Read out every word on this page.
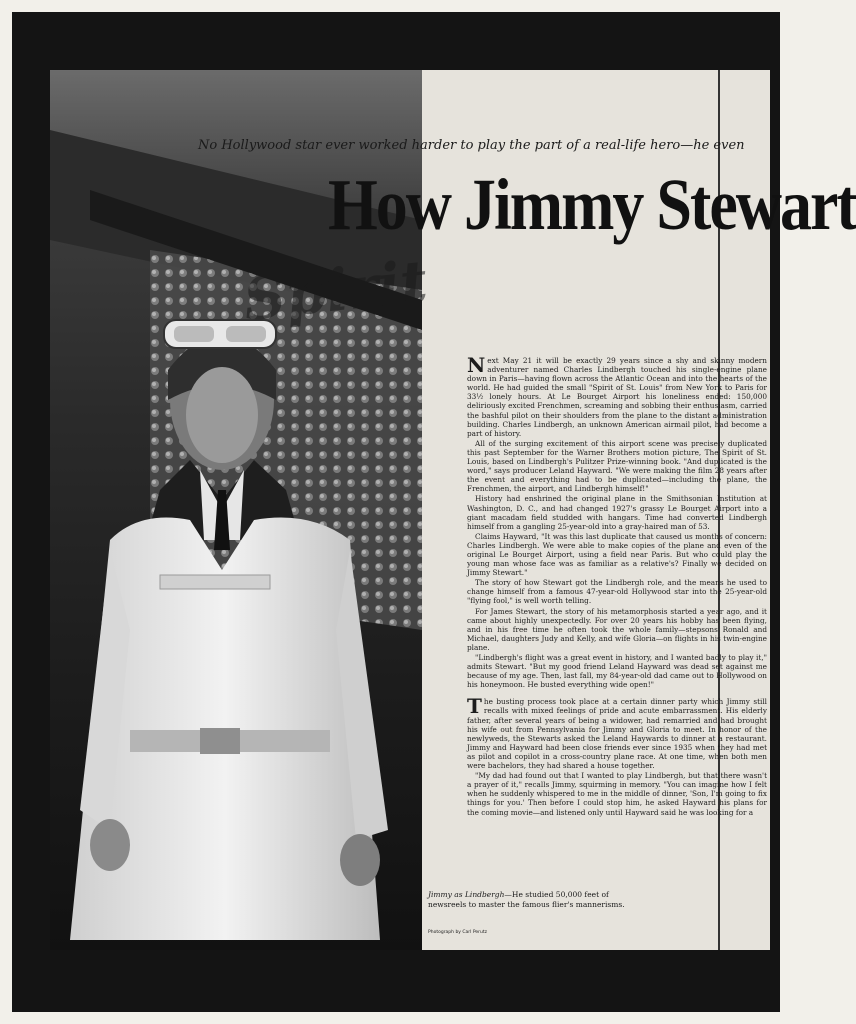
Spirit
No Hollywood star ever worked harder to play the part of a real-life hero—he even
How Jimmy Stewart

Next May 21 it will be exactly 29 years since a shy and skinny modern adventurer named Charles Lindbergh touched his single-engine plane down in Paris—having flown across the Atlantic Ocean and into the hearts of the world. He had guided the small "Spirit of St. Louis" from New York to Paris for 33½ lonely hours. At Le Bourget Airport his loneliness ended: 150,000 deliriously excited Frenchmen, screaming and sobbing their enthusiasm, carried the bashful pilot on their shoulders from the plane to the distant administration building. Charles Lindbergh, an unknown American airmail pilot, had become a part of history.

All of the surging excitement of this airport scene was precisely duplicated this past September for the Warner Brothers motion picture, The Spirit of St. Louis, based on Lindbergh's Pulitzer Prize-winning book. "And duplicated is the word," says producer Leland Hayward. "We were making the film 28 years after the event and everything had to be duplicated—including the plane, the Frenchmen, the airport, and Lindbergh himself!"

History had enshrined the original plane in the Smithsonian Institution at Washington, D. C., and had changed 1927's grassy Le Bourget Airport into a giant macadam field studded with hangars. Time had converted Lindbergh himself from a gangling 25-year-old into a gray-haired man of 53.

Claims Hayward, "It was this last duplicate that caused us months of concern: Charles Lindbergh. We were able to make copies of the plane and even of the original Le Bourget Airport, using a field near Paris. But who could play the young man whose face was as familiar as a relative's? Finally we decided on Jimmy Stewart."

The story of how Stewart got the Lindbergh role, and the means he used to change himself from a famous 47-year-old Hollywood star into the 25-year-old "flying fool," is well worth telling.

For James Stewart, the story of his metamorphosis started a year ago, and it came about highly unexpectedly. For over 20 years his hobby has been flying, and in his free time he often took the whole family—stepsons Ronald and Michael, daughters Judy and Kelly, and wife Gloria—on flights in his twin-engine plane.

"Lindbergh's flight was a great event in history, and I wanted badly to play it," admits Stewart. "But my good friend Leland Hayward was dead set against me because of my age. Then, last fall, my 84-year-old dad came out to Hollywood on his honeymoon. He busted everything wide open!"

The busting process took place at a certain dinner party which Jimmy still recalls with mixed feelings of pride and acute embarrassment. His elderly father, after several years of being a widower, had remarried and had brought his wife out from Pennsylvania for Jimmy and Gloria to meet. In honor of the newlyweds, the Stewarts asked the Leland Haywards to dinner at a restaurant. Jimmy and Hayward had been close friends ever since 1935 when they had met as pilot and copilot in a cross-country plane race. At one time, when both men were bachelors, they had shared a house together.

"My dad had found out that I wanted to play Lindbergh, but that there wasn't a prayer of it," recalls Jimmy, squirming in memory. "You can imagine how I felt when he suddenly whispered to me in the middle of dinner, 'Son, I'm going to fix things for you.' Then before I could stop him, he asked Hayward his plans for the coming movie—and listened only until Hayward said he was looking for a

Jimmy as Lindbergh—He studied 50,000 feet of newsreels to master the famous flier's mannerisms.
Photograph by Carl Perutz
